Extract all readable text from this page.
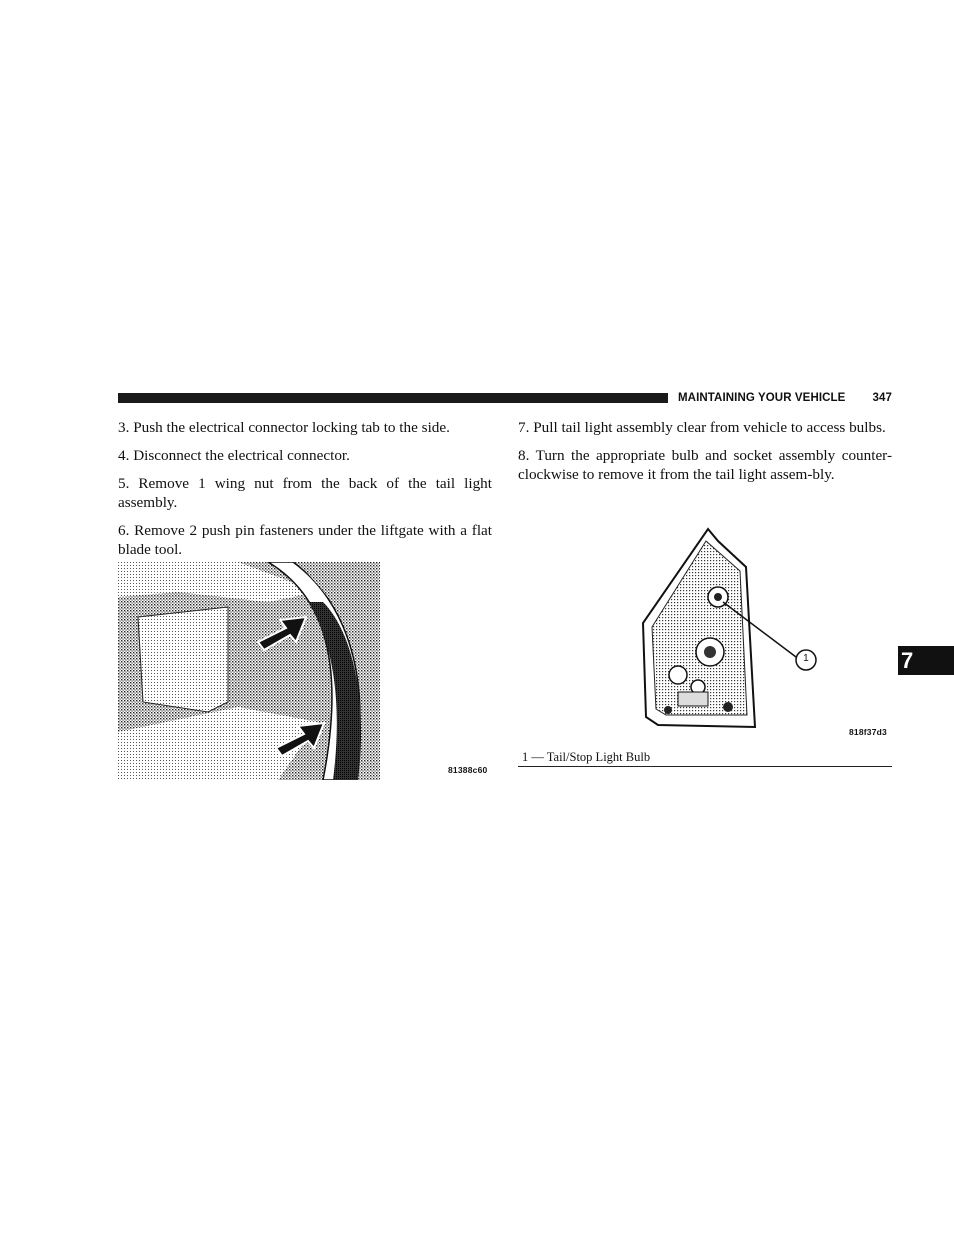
MAINTAINING YOUR VEHICLE 347

3. Push the electrical connector locking tab to the side.

4. Disconnect the electrical connector.

5. Remove 1 wing nut from the back of the tail light assembly.

6. Remove 2 push pin fasteners under the liftgate with a flat blade tool.

7. Pull tail light assembly clear from vehicle to access bulbs.

8. Turn the appropriate bulb and socket assembly counter-clockwise to remove it from the tail light assem-bly.

81388c60
1
818f37d3
1 — Tail/Stop Light Bulb
7
